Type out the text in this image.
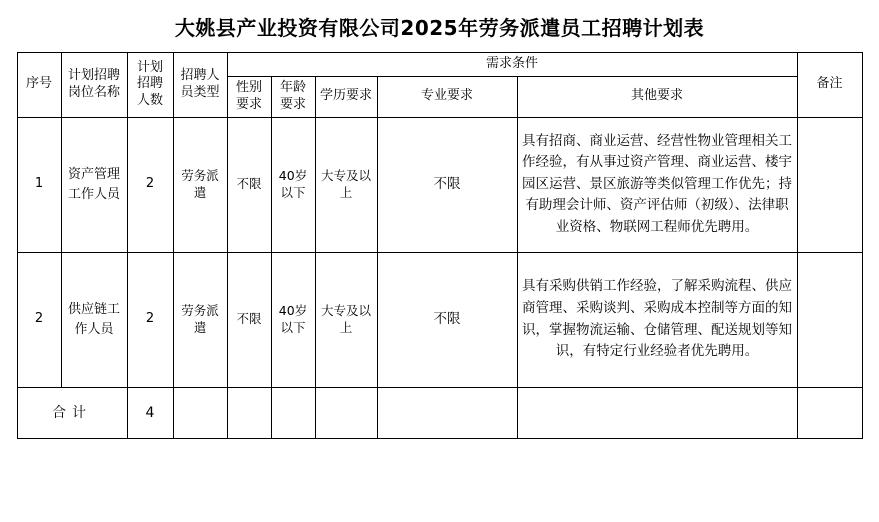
大姚县产业投资有限公司2025年劳务派遣员工招聘计划表
序号	计划招聘岗位名称	计划招聘人数	招聘人员类型	需求条件					备注
				性别要求	年龄要求	学历要求	专业要求	其他要求	
1	资产管理工作人员	2	劳务派遣	不限	40岁以下	大专及以上	不限	具有招商、商业运营、经营性物业管理相关工作经验，有从事过资产管理、商业运营、楼宇园区运营、景区旅游等类似管理工作优先；持有助理会计师、资产评估师（初级）、法律职业资格、物联网工程师优先聘用。	
2	供应链工作人员	2	劳务派遣	不限	40岁以下	大专及以上	不限	具有采购供销工作经验，了解采购流程、供应商管理、采购谈判、采购成本控制等方面的知识，掌握物流运输、仓储管理、配送规划等知识，有特定行业经验者优先聘用。	
合计		4							
